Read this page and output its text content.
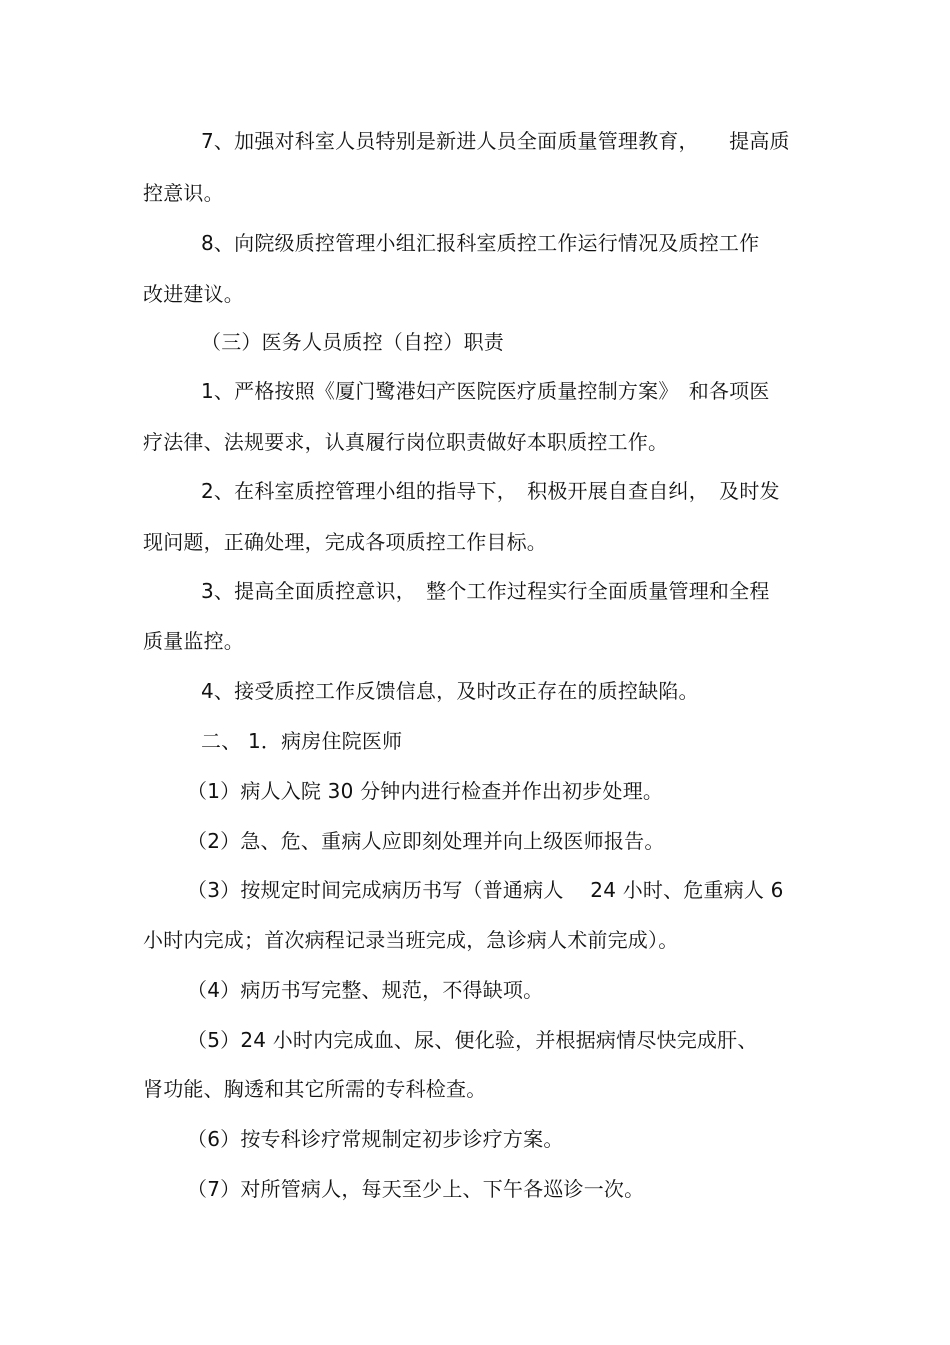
7、加强对科室人员特别是新进人员全面质量管理教育，　　提高质
控意识。
8、向院级质控管理小组汇报科室质控工作运行情况及质控工作
改进建议。
（三）医务人员质控（自控）职责
1、严格按照《厦门鹭港妇产医院医疗质量控制方案》　和各项医
疗法律、法规要求，认真履行岗位职责做好本职质控工作。
2、在科室质控管理小组的指导下，　积极开展自查自纠，　及时发
现问题，正确处理，完成各项质控工作目标。
3、提高全面质控意识，　整个工作过程实行全面质量管理和全程
质量监控。
4、接受质控工作反馈信息，及时改正存在的质控缺陷。
二、 1．病房住院医师
（1）病人入院 30 分钟内进行检查并作出初步处理。
（2）急、危、重病人应即刻处理并向上级医师报告。
（3）按规定时间完成病历书写（普通病人　 24 小时、危重病人 6
小时内完成；首次病程记录当班完成，急诊病人术前完成）。
（4）病历书写完整、规范，不得缺项。
（5）24 小时内完成血、尿、便化验，并根据病情尽快完成肝、
肾功能、胸透和其它所需的专科检查。
（6）按专科诊疗常规制定初步诊疗方案。
（7）对所管病人，每天至少上、下午各巡诊一次。
